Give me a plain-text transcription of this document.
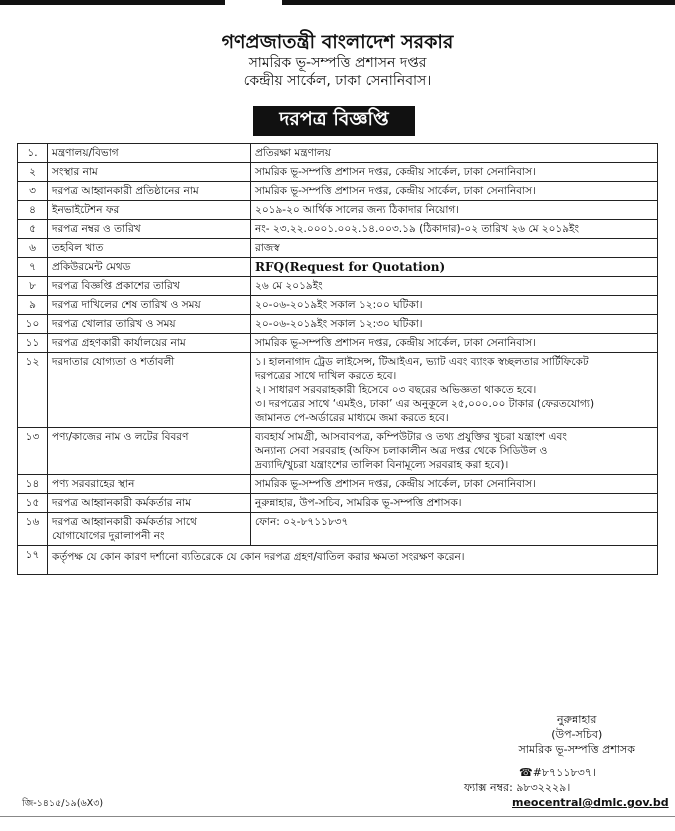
গণপ্রজাতন্ত্রী বাংলাদেশ সরকার
সামরিক ভূ-সম্পত্তি প্রশাসন দপ্তর
কেন্দ্রীয় সার্কেল, ঢাকা সেনানিবাস।
দরপত্র বিজ্ঞপ্তি
১.	মন্ত্রণালয়/বিভাগ	প্রতিরক্ষা মন্ত্রণালয়
২	সংস্থার নাম	সামরিক ভূ-সম্পত্তি প্রশাসন দপ্তর, কেন্দ্রীয় সার্কেল, ঢাকা সেনানিবাস।
৩	দরপত্র আহ্বানকারী প্রতিষ্ঠানের নাম	সামরিক ভূ-সম্পত্তি প্রশাসন দপ্তর, কেন্দ্রীয় সার্কেল, ঢাকা সেনানিবাস।
৪	ইনভাইটেশন ফর	২০১৯-২০ আর্থিক সালের জন্য ঠিকাদার নিয়োগ।
৫	দরপত্র নম্বর ও তারিখ	নং- ২৩.২২.০০০১.০০২.১৪.০০৩.১৯ (ঠিকাদার)-০২ তারিখ ২৬ মে ২০১৯ইং
৬	তহবিল খাত	রাজস্ব
৭	প্রকিউরমেন্ট মেথড	RFQ(Request for Quotation)
৮	দরপত্র বিজ্ঞপ্তি প্রকাশের তারিখ	২৬ মে ২০১৯ইং
৯	দরপত্র দাখিলের শেষ তারিখ ও সময়	২০-০৬-২০১৯ইং সকাল ১২:০০ ঘটিকা।
১০	দরপত্র খোলার তারিখ ও সময়	২০-০৬-২০১৯ইং সকাল ১২:৩০ ঘটিকা।
১১	দরপত্র গ্রহণকারী কার্যালয়ের নাম	সামরিক ভূ-সম্পত্তি প্রশাসন দপ্তর, কেন্দ্রীয় সার্কেল, ঢাকা সেনানিবাস।
১২	দরদাতার যোগ্যতা ও শর্তাবলী	১। হালনাগাদ ট্রেড লাইসেন্স, টিআইএন, ভ্যাট এবং ব্যাংক স্বচ্ছলতার সার্টিফিকেট
দরপত্রের সাথে দাখিল করতে হবে।
২। সাধারণ সরবরাহকারী হিসেবে ০৩ বছরের অভিজ্ঞতা থাকতে হবে।
৩। দরপত্রের সাথে ‘এমইও, ঢাকা’ এর অনুকূলে ২৫,০০০.০০ টাকার (ফেরতযোগ্য)
জামানত পে-অর্ডারের মাধ্যমে জমা করতে হবে।

১৩	পণ্য/কাজের নাম ও লটের বিবরণ	ব্যবহার্য সামগ্রী, আসবাবপত্র, কম্পিউটার ও তথ্য প্রযুক্তির খুচরা যন্ত্রাংশ এবং
অন্যান্য সেবা সরবরাহ (অফিস চলাকালীন অত্র দপ্তর থেকে সিডিউল ও
দ্রব্যাদি/খুচরা যন্ত্রাংশের তালিকা বিনামূল্যে সরবরাহ করা হবে)।

১৪	পণ্য সরবরাহের স্থান	সামরিক ভূ-সম্পত্তি প্রশাসন দপ্তর, কেন্দ্রীয় সার্কেল, ঢাকা সেনানিবাস।
১৫	দরপত্র আহ্বানকারী কর্মকর্তার নাম	নুরুন্নাহার, উপ-সচিব, সামরিক ভূ-সম্পত্তি প্রশাসক।
১৬	দরপত্র আহ্বানকারী কর্মকর্তার সাথে যোগাযোগের দুরালাপনী নং	ফোন: ০২-৮৭১১৮৩৭
১৭	কর্তৃপক্ষ যে কোন কারণ দর্শানো ব্যতিরেকে যে কোন দরপত্র গ্রহণ/বাতিল করার ক্ষমতা সংরক্ষণ করেন।	
নুরুন্নাহার
(উপ-সচিব)
সামরিক ভূ-সম্পত্তি প্রশাসক
☎#৮৭১১৮৩৭।
ফ্যাক্স নম্বর: ৯৮৩২২২৯।
meocentral@dmlc.gov.bd
জি-১৪১৫/১৯(৬X৩)
